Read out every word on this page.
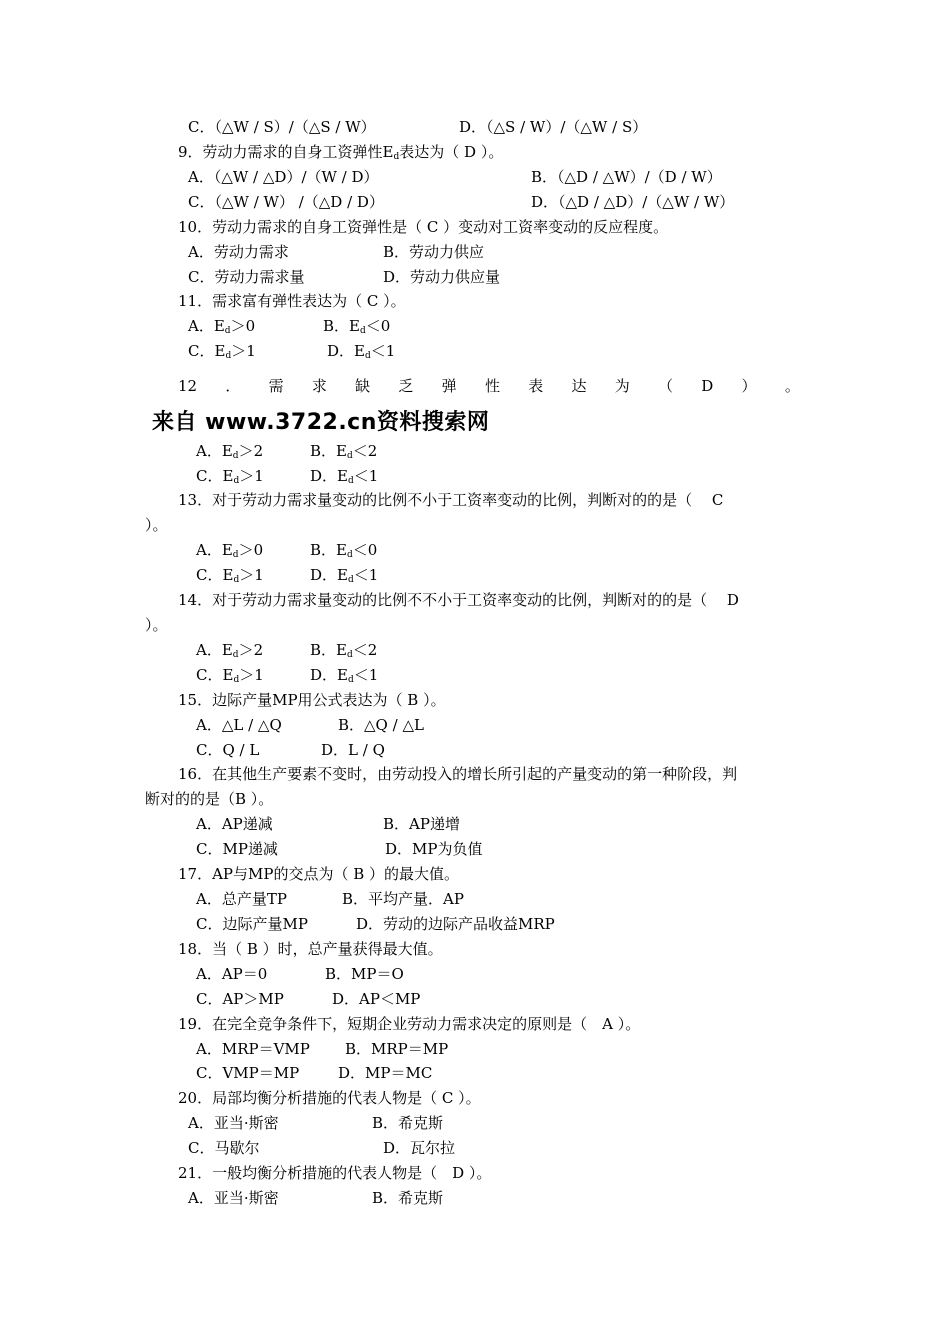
C．（△W / S）/（△S / W）	D．（△S / W）/（△W / S）
9．劳动力需求的自身工资弹性$E_d$表达为（ D ）。
A．（△W / △D）/（W / D）	B．（△D / △W）/（D / W）
C．（△W / W） /（△D / D）	D．（△D / △D）/（△W / W）
10．劳动力需求的自身工资弹性是（ C ）变动对工资率变动的反应程度。
A．劳动力需求	B．劳动力供应
C．劳动力需求量	D．劳动力供应量
11．需求富有弹性表达为（ C ）。
A．$E_d>0$	B．$E_d<0$
C．$E_d>1$	D．$E_d<1$
A．$E_d>2$	B．$E_d<2$
C．$E_d>1$	D．$E_d<1$
13．对于劳动力需求量变动的比例不小于工资率变动的比例，判断对的的是（　 C
）。
A．$E_d>0$	B．$E_d<0$
C．$E_d>1$	D．$E_d<1$
14．对于劳动力需求量变动的比例不不小于工资率变动的比例，判断对的的是（　 D
）。
A．$E_d>2$	B．$E_d<2$
C．$E_d>1$	D．$E_d<1$
15．边际产量MP用公式表达为（ B ）。
A．△L / △Q	B．△Q / △L
C．Q / L	D．L / Q
16．在其他生产要素不变时，由劳动投入的增长所引起的产量变动的第一种阶段，判
断对的的是（B ）。
A．AP递减	B．AP递增
C．MP递减	D．MP为负值
17．AP与MP的交点为（ B ）的最大值。
A．总产量TP	B．平均产量．AP
C．边际产量MP	D．劳动的边际产品收益MRP
18．当（ B ）时，总产量获得最大值。
A．AP＝0	B．MP＝O
C．AP＞MP	D．AP＜MP
19．在完全竞争条件下，短期企业劳动力需求决定的原则是（　A ）。
A．MRP＝VMP B．MRP＝MP
C．VMP＝MP	D．MP＝MC
20．局部均衡分析措施的代表人物是（ C ）。
A．亚当·斯密	B．希克斯
C．马歇尔	D．瓦尔拉
21．一般均衡分析措施的代表人物是（　D ）。
A．亚当·斯密	B．希克斯
12 ． 需 求 缺 乏 弹 性 表 达 为 （ D ） 。
来自 www.3722.cn资料搜索网
